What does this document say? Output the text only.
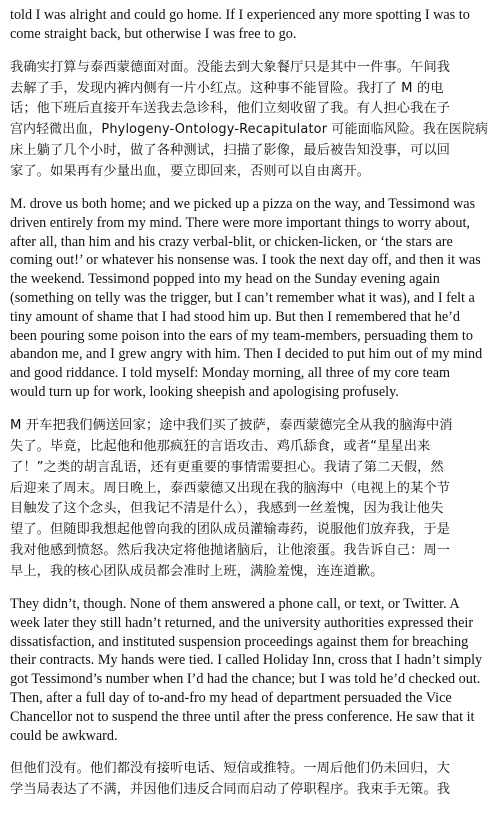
told I was alright and could go home. If I experienced any more spotting I was to
come straight back, but otherwise I was free to go.

我确实打算与泰西蒙德面对面。没能去到大象餐厅只是其中一件事。午间我
去解了手，发现内裤内侧有一片小红点。这种事不能冒险。我打了 M 的电
话；他下班后直接开车送我去急诊科，他们立刻收留了我。有人担心我在子
宫内轻微出血，Phylogeny-Ontology-Recapitulator 可能面临风险。我在医院病
床上躺了几个小时，做了各种测试，扫描了影像，最后被告知没事，可以回
家了。如果再有少量出血，要立即回来，否则可以自由离开。

M. drove us both home; and we picked up a pizza on the way, and Tessimond was
driven entirely from my mind. There were more important things to worry about,
after all, than him and his crazy verbal-blit, or chicken-licken, or ‘the stars are
coming out!’ or whatever his nonsense was. I took the next day off, and then it was
the weekend. Tessimond popped into my head on the Sunday evening again
(something on telly was the trigger, but I can’t remember what it was), and I felt a
tiny amount of shame that I had stood him up. But then I remembered that he’d
been pouring some poison into the ears of my team-members, persuading them to
abandon me, and I grew angry with him. Then I decided to put him out of my mind
and good riddance. I told myself: Monday morning, all three of my core team
would turn up for work, looking sheepish and apologising profusely.

M 开车把我们俩送回家；途中我们买了披萨，泰西蒙德完全从我的脑海中消
失了。毕竟，比起他和他那疯狂的言语攻击、鸡爪舔食，或者“星星出来
了！”之类的胡言乱语，还有更重要的事情需要担心。我请了第二天假，然
后迎来了周末。周日晚上，泰西蒙德又出现在我的脑海中（电视上的某个节
目触发了这个念头，但我记不清是什么），我感到一丝羞愧，因为我让他失
望了。但随即我想起他曾向我的团队成员灌输毒药，说服他们放弃我，于是
我对他感到愤怒。然后我决定将他抛诸脑后，让他滚蛋。我告诉自己：周一
早上，我的核心团队成员都会准时上班，满脸羞愧，连连道歉。

They didn’t, though. None of them answered a phone call, or text, or Twitter. A
week later they still hadn’t returned, and the university authorities expressed their
dissatisfaction, and instituted suspension proceedings against them for breaching
their contracts. My hands were tied. I called Holiday Inn, cross that I hadn’t simply
got Tessimond’s number when I’d had the chance; but I was told he’d checked out.
Then, after a full day of to-and-fro my head of department persuaded the Vice
Chancellor not to suspend the three until after the press conference. He saw that it
could be awkward.

但他们没有。他们都没有接听电话、短信或推特。一周后他们仍未回归，大
学当局表达了不满，并因他们违反合同而启动了停职程序。我束手无策。我
